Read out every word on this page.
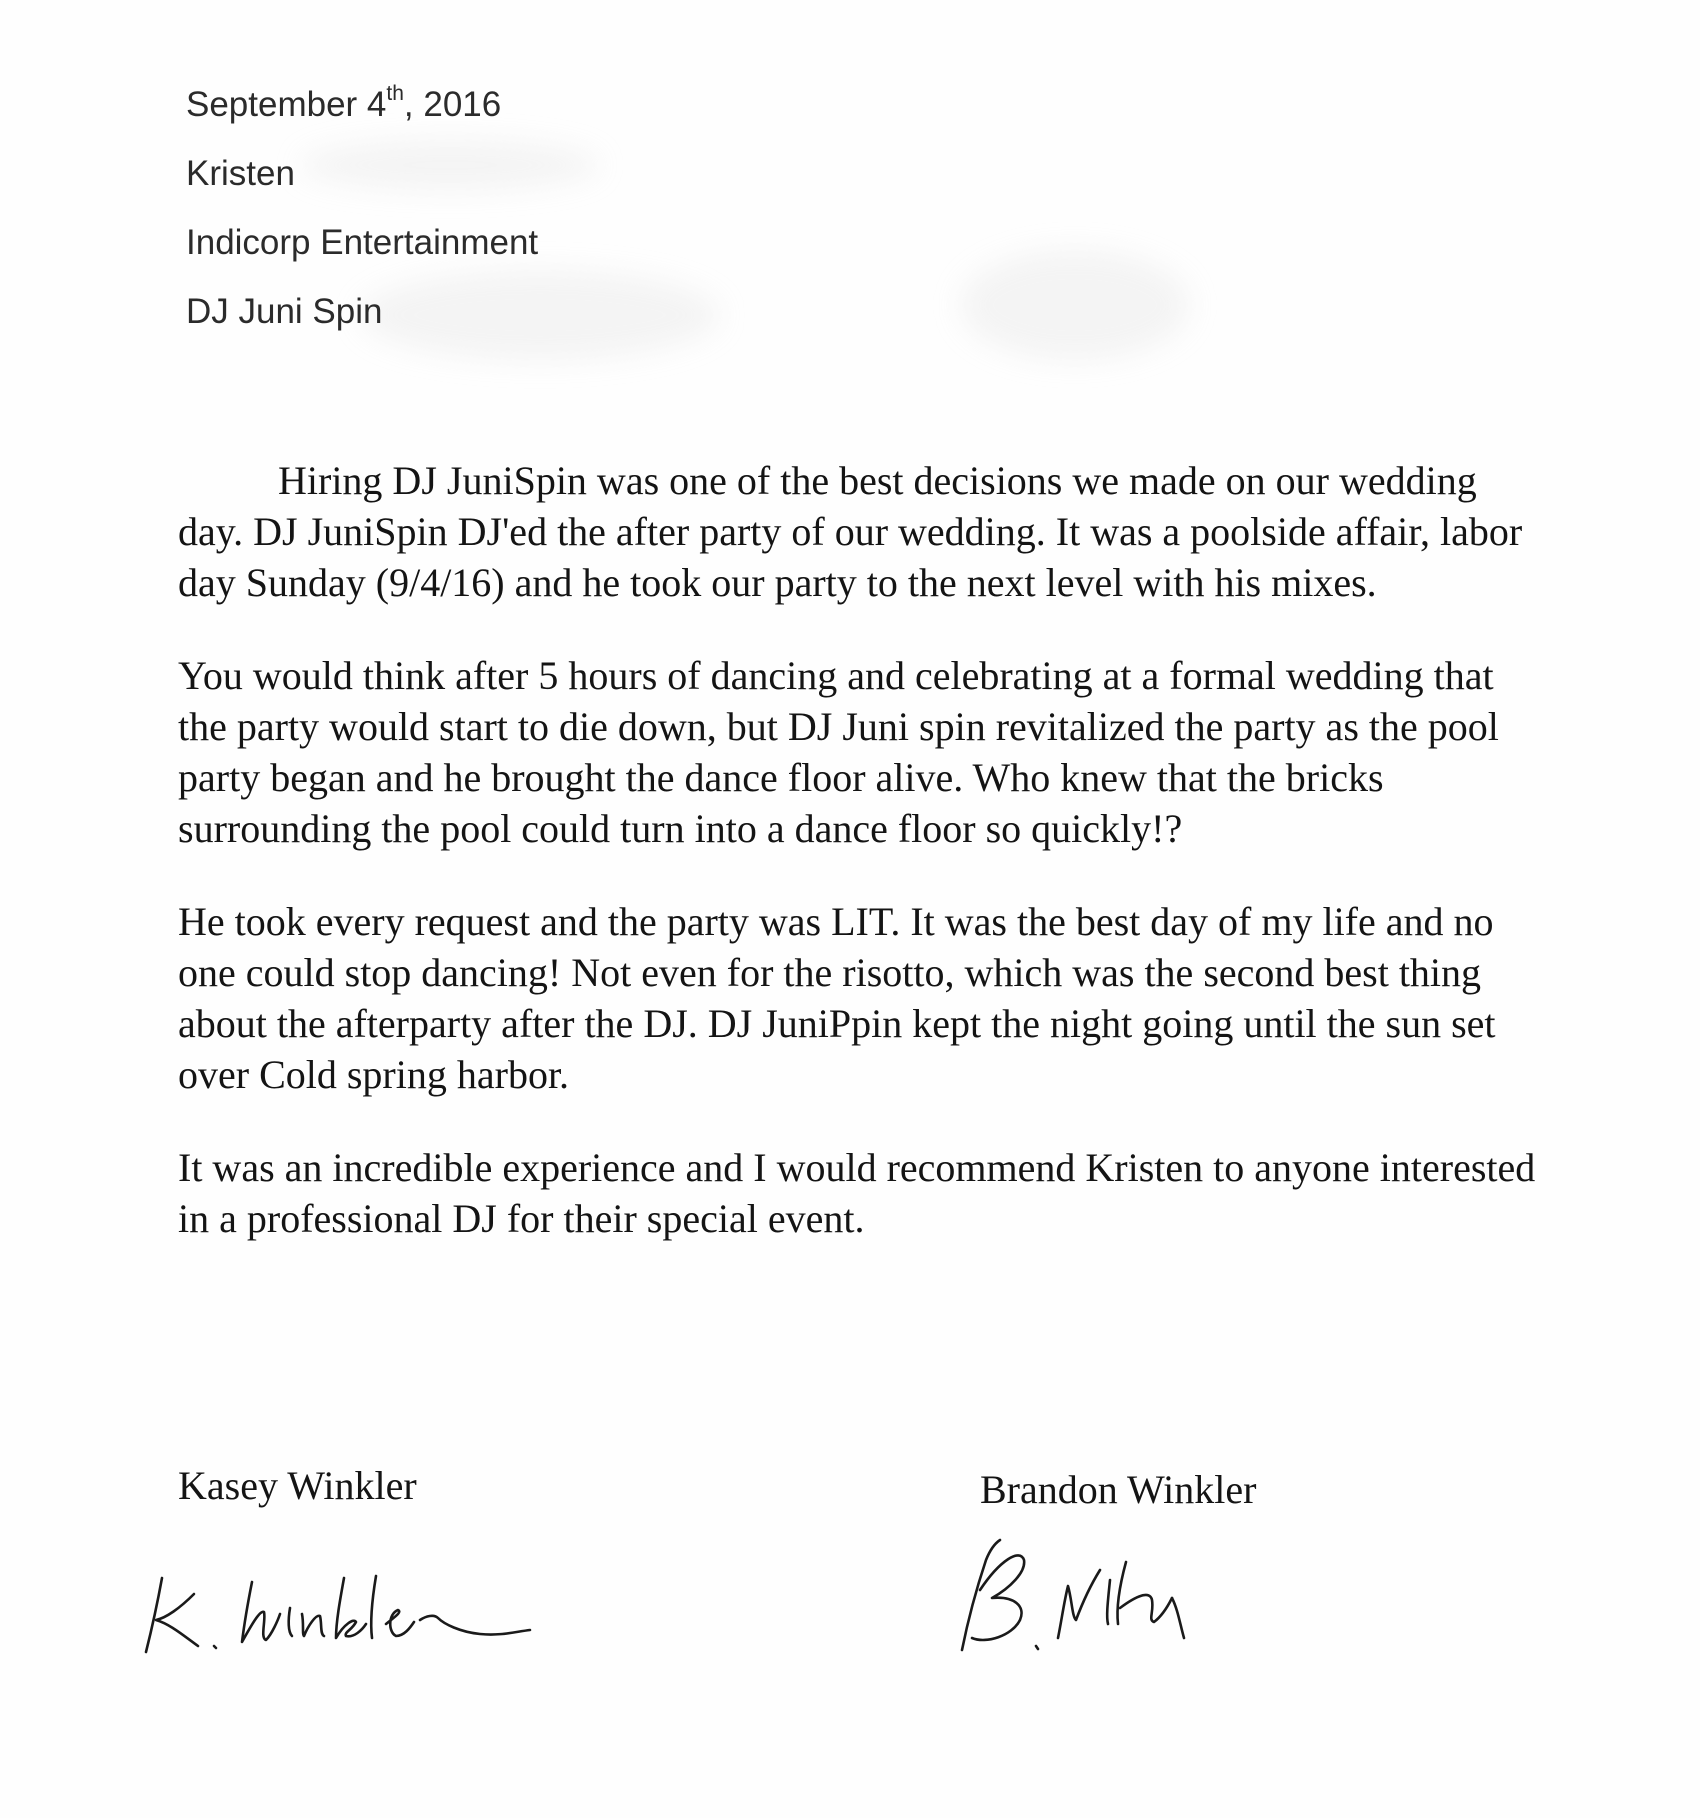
September 4th, 2016
Kristen
Indicorp Entertainment
DJ Juni Spin

Hiring DJ JuniSpin was one of the best decisions we made on our wedding day. DJ JuniSpin DJ'ed the after party of our wedding. It was a poolside affair, labor day Sunday (9/4/16) and he took our party to the next level with his mixes.

You would think after 5 hours of dancing and celebrating at a formal wedding that the party would start to die down, but DJ Juni spin revitalized the party as the pool party began and he brought the dance floor alive. Who knew that the bricks surrounding the pool could turn into a dance floor so quickly!?

He took every request and the party was LIT. It was the best day of my life and no one could stop dancing! Not even for the risotto, which was the second best thing about the afterparty after the DJ. DJ JuniPpin kept the night going until the sun set over Cold spring harbor.

It was an incredible experience and I would recommend Kristen to anyone interested in a professional DJ for their special event.

Kasey Winkler	Brandon Winkler
